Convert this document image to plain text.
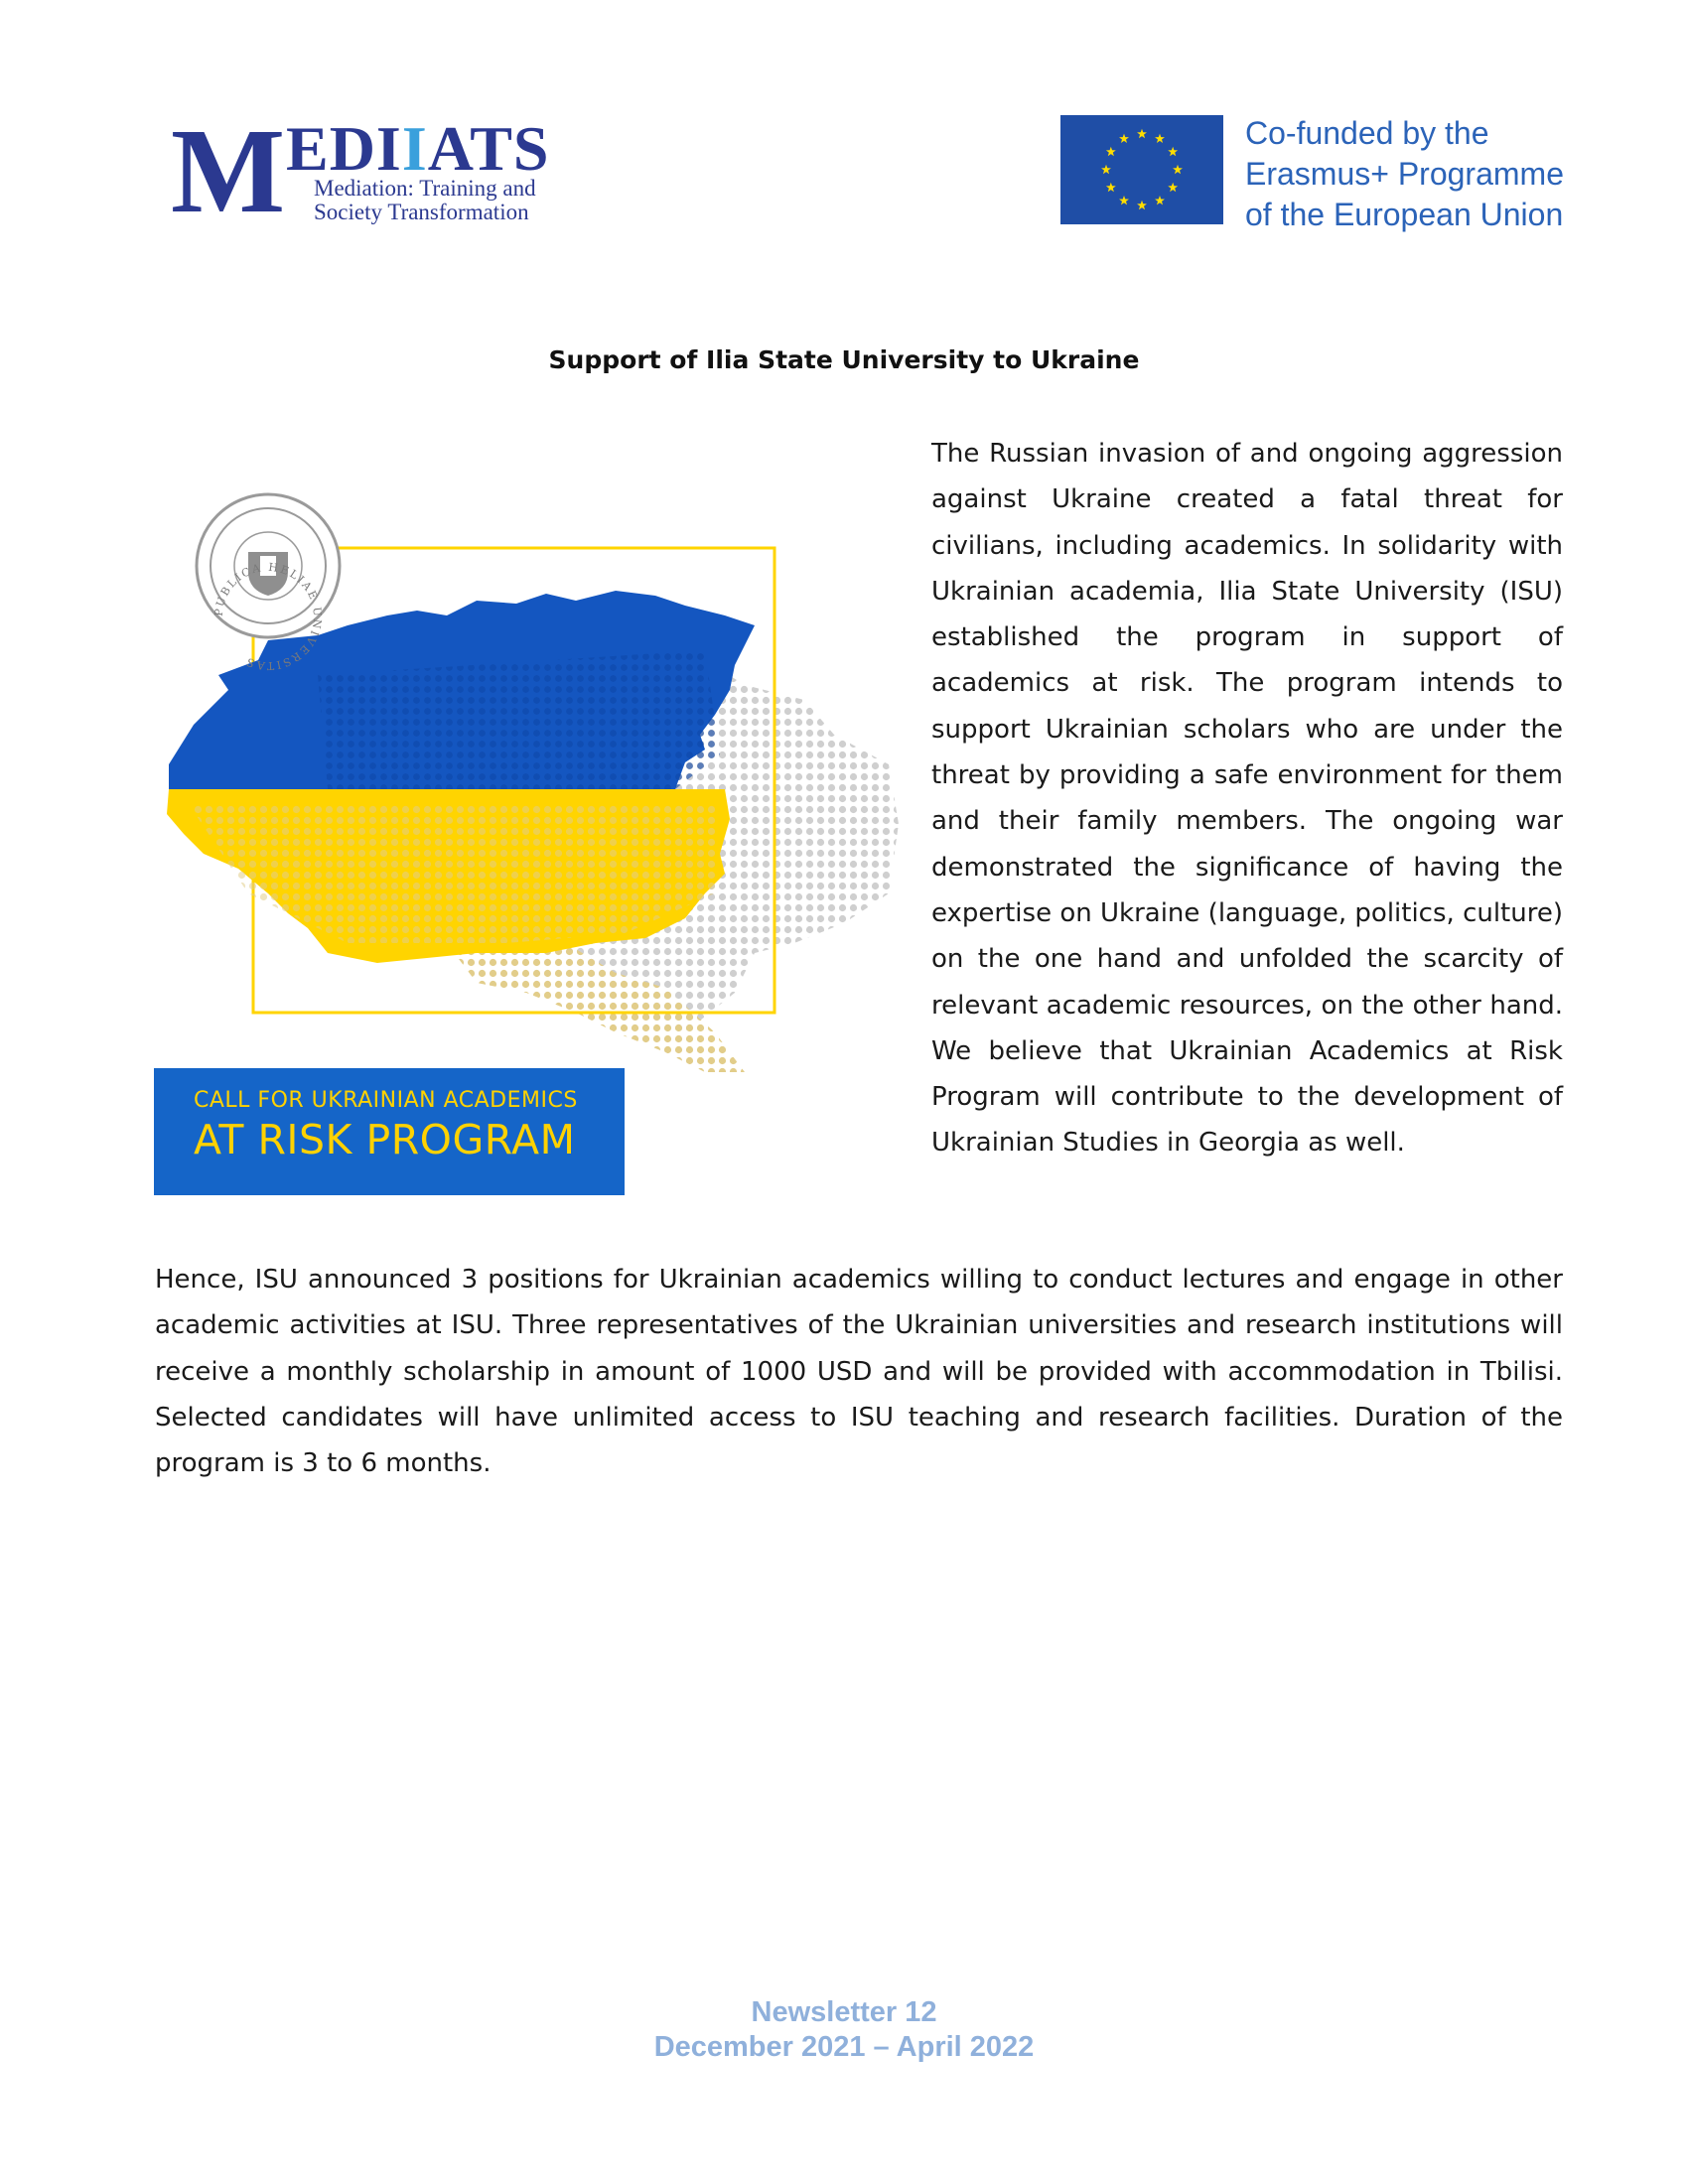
M EDIIATS
Mediation: Training and
Society Transformation
Co-funded by the
Erasmus+ Programme
of the European Union
Support of Ilia State University to Ukraine
PUBLICA HELIAE UNIVERSITAS
CALL FOR UKRAINIAN ACADEMICS
AT RISK PROGRAM

The Russian invasion of and ongoing aggression against Ukraine created a fatal threat for civilians, including academics. In solidarity with Ukrainian academia, Ilia State University (ISU) established the program in support of academics at risk. The program intends to support Ukrainian scholars who are under the threat by providing a safe environment for them and their family members. The ongoing war demonstrated the significance of having the expertise on Ukraine (language, politics, culture) on the one hand and unfolded the scarcity of relevant academic resources, on the other hand. We believe that Ukrainian Academics at Risk Program will contribute to the development of Ukrainian Studies in Georgia as well.

Hence, ISU announced 3 positions for Ukrainian academics willing to conduct lectures and engage in other academic activities at ISU. Three representatives of the Ukrainian universities and research institutions will receive a monthly scholarship in amount of 1000 USD and will be provided with accommodation in Tbilisi. Selected candidates will have unlimited access to ISU teaching and research facilities. Duration of the program is 3 to 6 months.

Newsletter 12
December 2021 – April 2022
